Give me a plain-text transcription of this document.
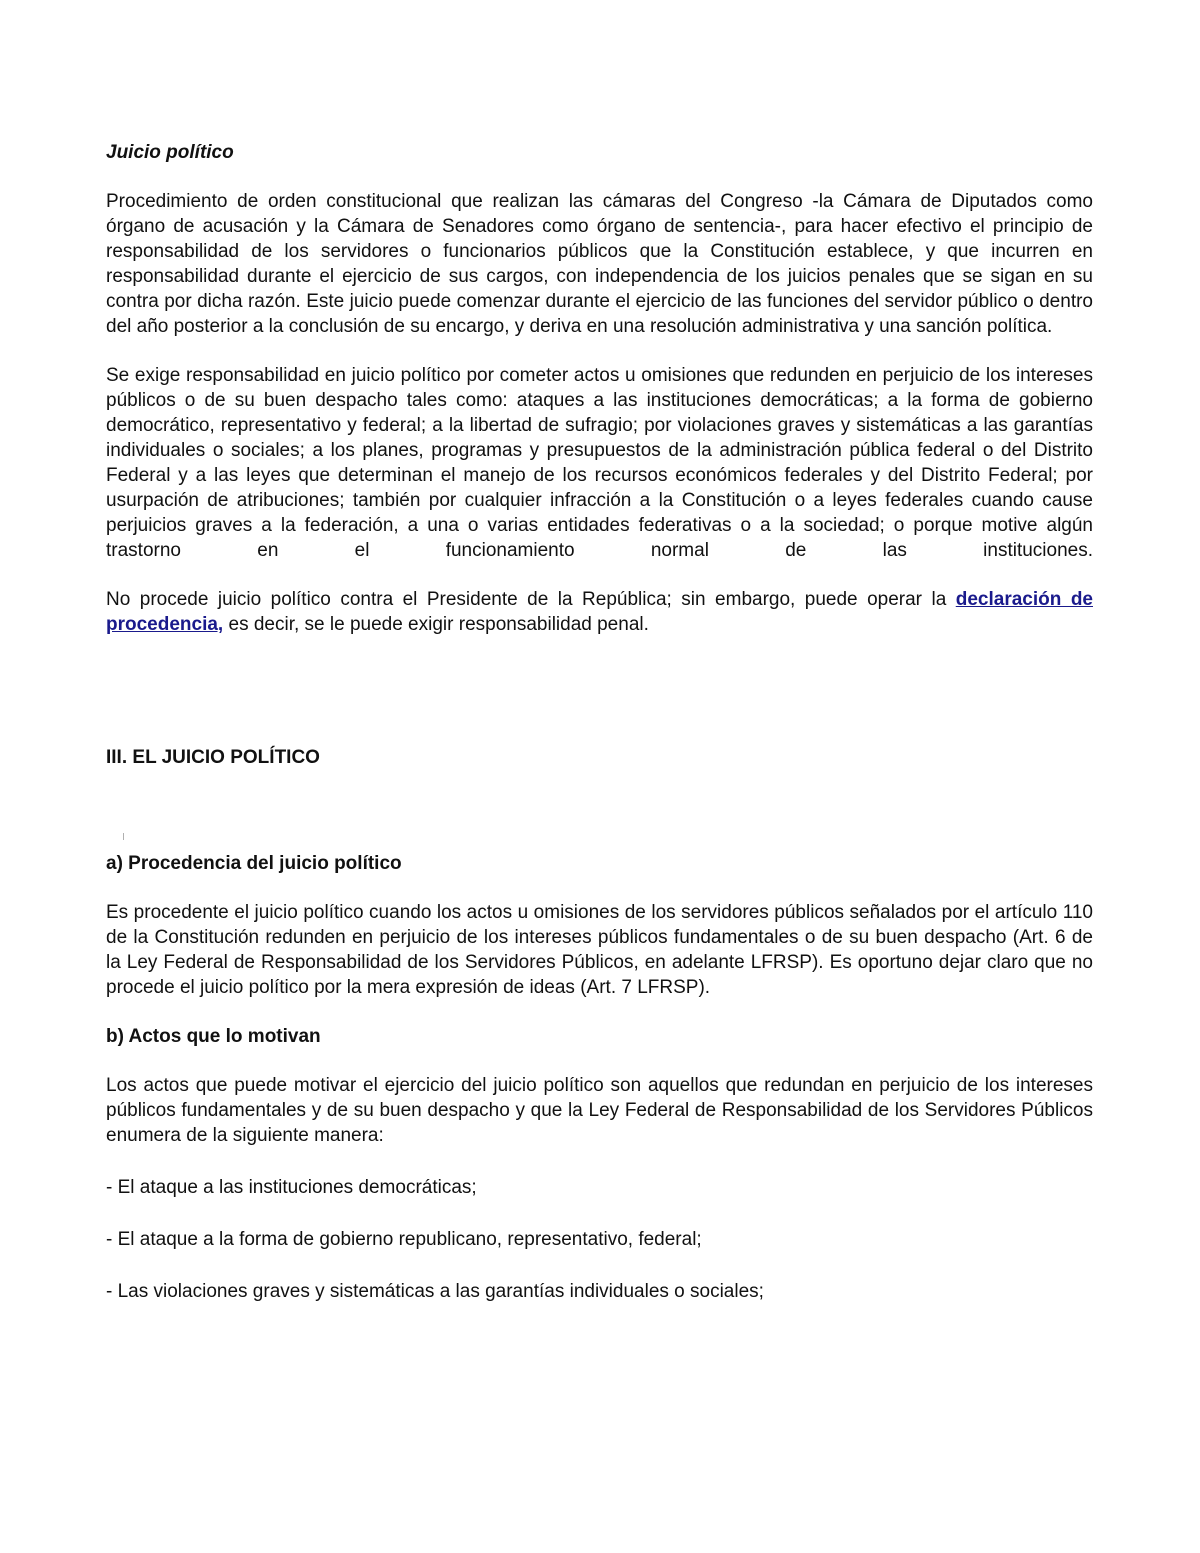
Juicio político

Procedimiento de orden constitucional que realizan las cámaras del Congreso -la Cámara de Diputados como órgano de acusación y la Cámara de Senadores como órgano de sentencia-, para hacer efectivo el principio de responsabilidad de los servidores o funcionarios públicos que la Constitución establece, y que incurren en responsabilidad durante el ejercicio de sus cargos, con independencia de los juicios penales que se sigan en su contra por dicha razón. Este juicio puede comenzar durante el ejercicio de las funciones del servidor público o dentro del año posterior a la conclusión de su encargo, y deriva en una resolución administrativa y una sanción política.

Se exige responsabilidad en juicio político por cometer actos u omisiones que redunden en perjuicio de los intereses públicos o de su buen despacho tales como: ataques a las instituciones democráticas; a la forma de gobierno democrático, representativo y federal; a la libertad de sufragio; por violaciones graves y sistemáticas a las garantías individuales o sociales; a los planes, programas y presupuestos de la administración pública federal o del Distrito Federal y a las leyes que determinan el manejo de los recursos económicos federales y del Distrito Federal; por usurpación de atribuciones; también por cualquier infracción a la Constitución o a leyes federales cuando cause perjuicios graves a la federación, a una o varias entidades federativas o a la sociedad; o porque motive algún trastorno en el funcionamiento normal de las instituciones.

No procede juicio político contra el Presidente de la República; sin embargo, puede operar la declaración de procedencia, es decir, se le puede exigir responsabilidad penal.

III. EL JUICIO POLÍTICO
a) Procedencia del juicio político

Es procedente el juicio político cuando los actos u omisiones de los servidores públicos señalados por el artículo 110 de la Constitución redunden en perjuicio de los intereses públicos fundamentales o de su buen despacho (Art. 6 de la Ley Federal de Responsabilidad de los Servidores Públicos, en adelante LFRSP). Es oportuno dejar claro que no procede el juicio político por la mera expresión de ideas (Art. 7 LFRSP).

b) Actos que lo motivan

Los actos que puede motivar el ejercicio del juicio político son aquellos que redundan en perjuicio de los intereses públicos fundamentales y de su buen despacho y que la Ley Federal de Responsabilidad de los Servidores Públicos enumera de la siguiente manera:

- El ataque a las instituciones democráticas;

- El ataque a la forma de gobierno republicano, representativo, federal;

- Las violaciones graves y sistemáticas a las garantías individuales o sociales;
